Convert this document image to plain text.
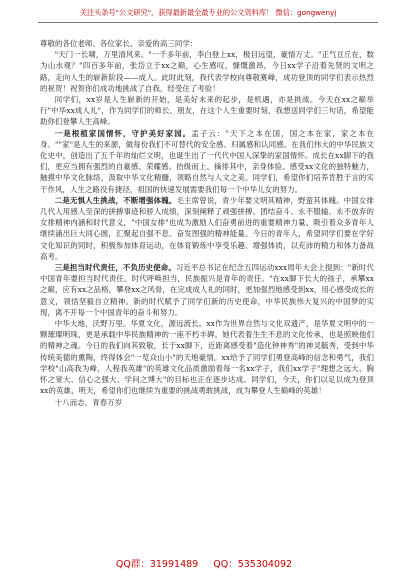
关注头条号"公文研究"，获得最新最全最专业的公文资料库！ 微信：gongwenyj

尊敬的各位老师、各位家长、亲爱的高三同学：

"天门一长啸，万里清风来。"一千多年前，李白登上xx，极目远望，豪情万丈。"正气亘丘在，数为山水观？"四百多年前，张岱立于xx之巅，心生感叹，慷慨激昂。今日xx学子沿着先贤的文明之路，走向人生的崭新阶段——成人。此时此刻，我代表学校向尊敬赛峰，成功登顶的同学们表示热烈的祝贺！祝贺你们成功地挑战了自我，经受住了考验！

同学们，xx岁是人生崭新的开始，是美好未来的起步，是机遇，亦是挑战。今天在xx之巅举行"中华xx成人礼"，作为同学们的师长、朋友，在这个人生重要时刻，我想送同学们三句话，希望能助你们登攀人生高峰。

一是根植家国情怀，守护美好家园。孟子云："天下之本在国，国之本在家，家之本在身。""家"是人生的来源，做每份我们不可替代的安全感、归属感和认同感。在我们伟大的中华民族文化史中，创造出了五千年的灿烂文明，也诞生出了一代代中国人深挚的家国情怀。成长在xx脚下的我们，更应当拥有强烈的自豪感、荣耀感。抬级而上、摘徘其中，亲身体验、感受xx文化的独特魅力，触摸中华文化脉络，汲取中华文化精髓，领略自然与人文之美。同学们，希望你们培养肯胜于言的实干作风，人生之路没有捷径，祖国的快速发展需要我们每一个中华儿女的努力。

二是无惧人生挑战，不断增强体魄。毛主席曾说，青少年要文明其精神，野蛮其体魄。中国女排几代人用感人至深的拼搏事迹和骄人成绩，深刻阐释了顽强拼搏、团结奋斗、永不服输、永不放弃的女排精神内涵和时代意义，"中国女排"也成为激励人们奋勇前进的重要精神力量。吸引着众多青年人继续涌出巨大同心圆，汇聚起自强不息、奋发图强的精神能量。今日的青年人，希望同学们要在学好文化知识的同时，积极参加体育运动，在体育锻炼中享受乐趣、增强体质，以充沛的精力和体力备战高考。

三是担当时代责任，不负历史使命。习近平总书记在纪念五四运动xxx周年大会上提到："新时代中国青年要担当时代责任。时代呼唤担当，民族振兴是青年的责任。"在xx脚下长大的孩子，承攀xx之巅，应有xx之品格，攀登xx之风骨，在完成成人礼的同时，更加强烈地感受到xx，用心感受成长的意义，领悟坚毅自立精神。新的时代赋予了同学们新的历史使命，中华民族伟大复兴的中国梦的实现，离不开每一个中国青年的奋斗和努力。

中华大地，沃野万里。华夏文化，源远流长。xx作为世界自然与文化双遗产，是华夏文明中的一颗璀璨明珠，更是承载中华民族精神的一座不朽丰碑。她代表着生生不息的文化传承，也是照映他们的精神之魂。今日的我们向其致敬，长于xx脚下，近距离感受着"造化钟神秀"的神灵毓秀，受到中华传统美德的熏陶，终得体会"一览众山小"的天地豪情。xx给予了同学们勇登高峰的信念和勇气，我们学校"山高我为峰，人程我英雄"的英雄文化品质激励着每一名xx学子，我们xx学子"理想之远大、胸怀之宽大、信心之强大、学问之博大"的目标也正在逐步达成。同学们，今天，你们以足以成为登顶xx的英雄，明天，希望你们也继续为重要的挑战勇敢挑战，成为攀登人生巅峰的英雄！

十八而志，青春万岁

QQ群：31991489 QQ：535304092
